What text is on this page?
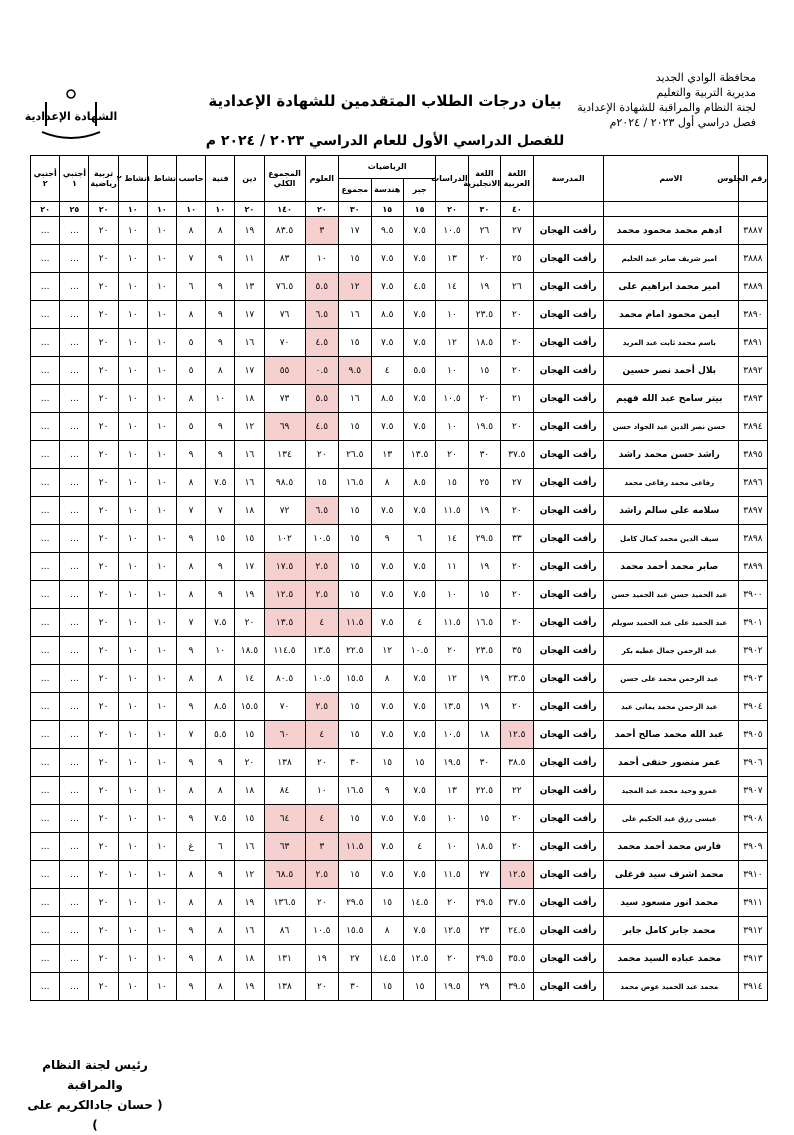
محافظة الوادي الجديد
مديرية التربية والتعليم
لجنة النظام والمراقبة للشهادة الإعدادية
فصل دراسي أول ٢٠٢٣ / ٢٠٢٤م
بيان درجات الطلاب المتقدمين للشهادة الإعدادية
للفصل الدراسي الأول للعام الدراسي ٢٠٢٣ / ٢٠٢٤ م
الشهادة الإعدادية
رقم الجلوس	الاسم	المدرسة	اللغة العربية	اللغة الانجليزية	الدراسات	الرياضيات			العلوم	المجموع الكلي	دين	فنية	حاسب	نشاط ١	نشاط ٢	تربية رياضية	أجنبي ١	أجنبي ٢
						جبر	هندسة	مجموع										
			٤٠	٣٠	٢٠	١٥	١٥	٣٠	٢٠	١٤٠	٢٠	١٠	١٠	١٠	١٠	٢٠	٢٥	٢٠
٣٨٨٧	ادهم محمد محمود محمد	رأفت الهجان	٢٧	٢٦	١٠.٥	٧.٥	٩.٥	١٧	٣	٨٣.٥	١٩	٨	٨	١٠	١٠	٢٠	...	...
٣٨٨٨	امير شريف صابر عبد الحليم	رأفت الهجان	٢٥	٢٠	١٣	٧.٥	٧.٥	١٥	١٠	٨٣	١١	٩	٧	١٠	١٠	٢٠	...	...
٣٨٨٩	امير محمد ابراهيم على	رأفت الهجان	٢٦	١٩	١٤	٤.٥	٧.٥	١٢	٥.٥	٧٦.٥	١٣	٩	٦	١٠	١٠	٢٠	...	...
٣٨٩٠	ايمن محمود امام محمد	رأفت الهجان	٢٠	٢٣.٥	١٠	٧.٥	٨.٥	١٦	٦.٥	٧٦	١٧	٩	٨	١٠	١٠	٢٠	...	...
٣٨٩١	باسم محمد ثابت عبد المريد	رأفت الهجان	٢٠	١٨.٥	١٢	٧.٥	٧.٥	١٥	٤.٥	٧٠	١٦	٩	٥	١٠	١٠	٢٠	...	...
٣٨٩٢	بلال أحمد نصر حسين	رأفت الهجان	٢٠	١٥	١٠	٥.٥	٤	٩.٥	٠.٥	٥٥	١٧	٨	٥	١٠	١٠	٢٠	...	...
٣٨٩٣	بيتر سامح عبد الله فهيم	رأفت الهجان	٢١	٢٠	١٠.٥	٧.٥	٨.٥	١٦	٥.٥	٧٣	١٨	١٠	٨	١٠	١٠	٢٠	...	...
٣٨٩٤	حسن نصر الدين عبد الجواد حسن	رأفت الهجان	٢٠	١٩.٥	١٠	٧.٥	٧.٥	١٥	٤.٥	٦٩	١٢	٩	٥	١٠	١٠	٢٠	...	...
٣٨٩٥	راشد حسن محمد راشد	رأفت الهجان	٣٧.٥	٣٠	٢٠	١٣.٥	١٣	٢٦.٥	٢٠	١٣٤	١٦	٩	٩	١٠	١٠	٢٠	...	...
٣٨٩٦	رفاعى محمد رفاعى محمد	رأفت الهجان	٢٧	٢٥	١٥	٨.٥	٨	١٦.٥	١٥	٩٨.٥	١٦	٧.٥	٨	١٠	١٠	٢٠	...	...
٣٨٩٧	سلامه على سالم راشد	رأفت الهجان	٢٠	١٩	١١.٥	٧.٥	٧.٥	١٥	٦.٥	٧٢	١٨	٧	٧	١٠	١٠	٢٠	...	...
٣٨٩٨	سيف الدين محمد كمال كامل	رأفت الهجان	٣٣	٢٩.٥	١٤	٦	٩	١٥	١٠.٥	١٠٢	١٥	١٥	٩	١٠	١٠	٢٠	...	...
٣٨٩٩	صابر محمد أحمد محمد	رأفت الهجان	٢٠	١٩	١١	٧.٥	٧.٥	١٥	٢.٥	١٧.٥	١٧	٩	٨	١٠	١٠	٢٠	...	...
٣٩٠٠	عبد الحميد حسن عبد الحميد حسن	رأفت الهجان	٢٠	١٥	١٠	٧.٥	٧.٥	١٥	٢.٥	١٢.٥	١٩	٩	٨	١٠	١٠	٢٠	...	...
٣٩٠١	عبد الحميد على عبد الحميد سويلم	رأفت الهجان	٢٠	١٦.٥	١١.٥	٤	٧.٥	١١.٥	٤	١٣.٥	٢٠	٧.٥	٧	١٠	١٠	٢٠	...	...
٣٩٠٢	عبد الرحمن جمال عطيه بكر	رأفت الهجان	٣٥	٢٣.٥	٢٠	١٠.٥	١٢	٢٢.٥	١٣.٥	١١٤.٥	١٨.٥	١٠	٩	١٠	١٠	٢٠	...	...
٣٩٠٣	عبد الرحمن محمد على حسن	رأفت الهجان	٢٣.٥	١٩	١٢	٧.٥	٨	١٥.٥	١٠.٥	٨٠.٥	١٤	٨	٨	١٠	١٠	٢٠	...	...
٣٩٠٤	عبد الرحمن محمد يمانى عبد	رأفت الهجان	٢٠	١٩	١٣.٥	٧.٥	٧.٥	١٥	٢.٥	٧٠	١٥.٥	٨.٥	٩	١٠	١٠	٢٠	...	...
٣٩٠٥	عبد الله محمد صالح أحمد	رأفت الهجان	١٢.٥	١٨	١٠.٥	٧.٥	٧.٥	١٥	٤	٦٠	١٥	٥.٥	٧	١٠	١٠	٢٠	...	...
٣٩٠٦	عمر منصور حنفى أحمد	رأفت الهجان	٣٨.٥	٣٠	١٩.٥	١٥	١٥	٣٠	٢٠	١٣٨	٢٠	٩	٩	١٠	١٠	٢٠	...	...
٣٩٠٧	عمرو وحيد محمد عبد المجيد	رأفت الهجان	٢٢	٢٢.٥	١٣	٧.٥	٩	١٦.٥	١٠	٨٤	١٨	٨	٨	١٠	١٠	٢٠	...	...
٣٩٠٨	عيسى رزق عبد الحكيم على	رأفت الهجان	٢٠	١٥	١٠	٧.٥	٧.٥	١٥	٤	٦٤	١٥	٧.٥	٩	١٠	١٠	٢٠	...	...
٣٩٠٩	فارس محمد أحمد محمد	رأفت الهجان	٢٠	١٨.٥	١٠	٤	٧.٥	١١.٥	٣	٦٣	١٦	٦	غ	١٠	١٠	٢٠	...	...
٣٩١٠	محمد اشرف سيد فرغلى	رأفت الهجان	١٢.٥	٢٧	١١.٥	٧.٥	٧.٥	١٥	٢.٥	٦٨.٥	١٢	٩	٨	١٠	١٠	٢٠	...	...
٣٩١١	محمد انور مسعود سيد	رأفت الهجان	٣٧.٥	٢٩.٥	٢٠	١٤.٥	١٥	٢٩.٥	٢٠	١٣٦.٥	١٩	٨	٨	١٠	١٠	٢٠	...	...
٣٩١٢	محمد جابر كامل جابر	رأفت الهجان	٢٤.٥	٢٣	١٢.٥	٧.٥	٨	١٥.٥	١٠.٥	٨٦	١٦	٨	٩	١٠	١٠	٢٠	...	...
٣٩١٣	محمد عباده السيد محمد	رأفت الهجان	٣٥.٥	٢٩.٥	٢٠	١٢.٥	١٤.٥	٢٧	١٩	١٣١	١٨	٨	٩	١٠	١٠	٢٠	...	...
٣٩١٤	محمد عبد الحميد عوض محمد	رأفت الهجان	٣٩.٥	٢٩	١٩.٥	١٥	١٥	٣٠	٢٠	١٣٨	١٩	٨	٩	١٠	١٠	٢٠	...	...
رئيس لجنة النظام والمراقبة
( حسان جادالكريم على )
